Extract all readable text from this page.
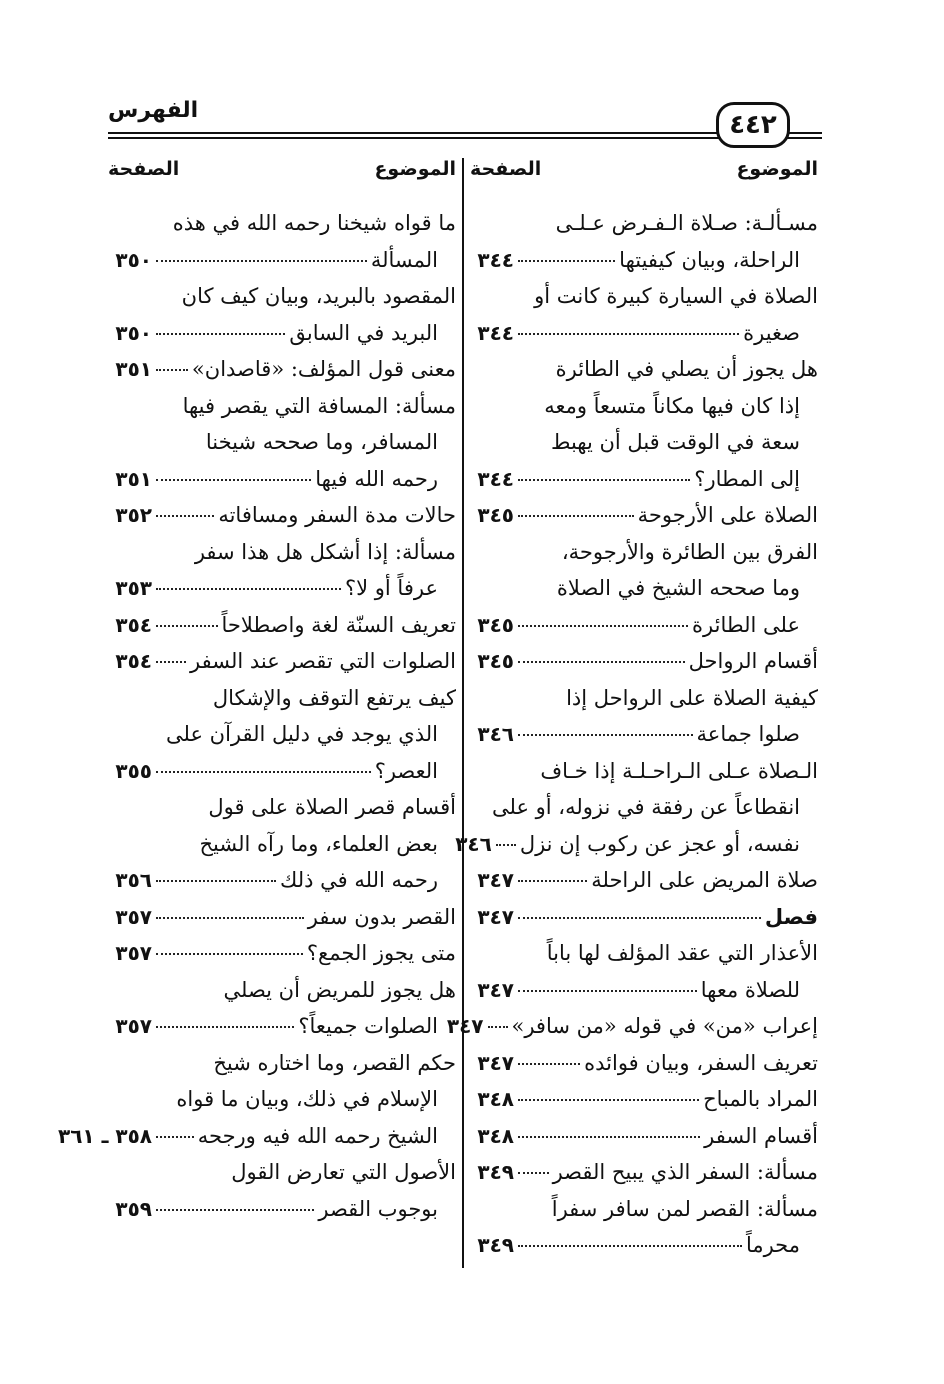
٤٤٢
الفهرس
الموضوع
الصفحة
الموضوع
الصفحة
مسـألـة: صـلاة الـفـرض عـلـى
الراحلة، وبيان كيفيتها
٣٤٤
الصلاة في السيارة كبيرة كانت أو
صغيرة
٣٤٤
هل يجوز أن يصلي في الطائرة
إذا كان فيها مكاناً متسعاً ومعه
سعة في الوقت قبل أن يهبط
إلى المطار؟
٣٤٤
الصلاة على الأرجوحة
٣٤٥
الفرق بين الطائرة والأرجوحة،
وما صححه الشيخ في الصلاة
على الطائرة
٣٤٥
أقسام الرواحل
٣٤٥
كيفية الصلاة على الرواحل إذا
صلوا جماعة
٣٤٦
الـصلاة عـلى الـراحـلـة إذا خـاف
انقطاعاً عن رفقة في نزوله، أو على
نفسه، أو عجز عن ركوب إن نزل
٣٤٦
صلاة المريض على الراحلة
٣٤٧
فصل
٣٤٧
الأعذار التي عقد المؤلف لها باباً
للصلاة معها
٣٤٧
إعراب «من» في قوله «من سافر»
٣٤٧
تعريف السفر، وبيان فوائده
٣٤٧
المراد بالمباح
٣٤٨
أقسام السفر
٣٤٨
مسألة: السفر الذي يبيح القصر
٣٤٩
مسألة: القصر لمن سافر سفراً
محرماً
٣٤٩
ما قواه شيخنا رحمه الله في هذه
المسألة
٣٥٠
المقصود بالبريد، وبيان كيف كان
البريد في السابق
٣٥٠
معنى قول المؤلف: «قاصدان»
٣٥١
مسألة: المسافة التي يقصر فيها
المسافر، وما صححه شيخنا
رحمه الله فيها
٣٥١
حالات مدة السفر ومسافاته
٣٥٢
مسألة: إذا أشكل هل هذا سفر
عرفاً أو لا؟
٣٥٣
تعريف السنّة لغة واصطلاحاً
٣٥٤
الصلوات التي تقصر عند السفر
٣٥٤
كيف يرتفع التوقف والإشكال
الذي يوجد في دليل القرآن على
العصر؟
٣٥٥
أقسام قصر الصلاة على قول
بعض العلماء، وما رآه الشيخ
رحمه الله في ذلك
٣٥٦
القصر بدون سفر
٣٥٧
متى يجوز الجمع؟
٣٥٧
هل يجوز للمريض أن يصلي
الصلوات جميعاً؟
٣٥٧
حكم القصر، وما اختاره شيخ
الإسلام في ذلك، وبيان ما قواه
الشيخ رحمه الله فيه ورجحه
٣٥٨ ـ ٣٦١
الأصول التي تعارض القول
بوجوب القصر
٣٥٩
